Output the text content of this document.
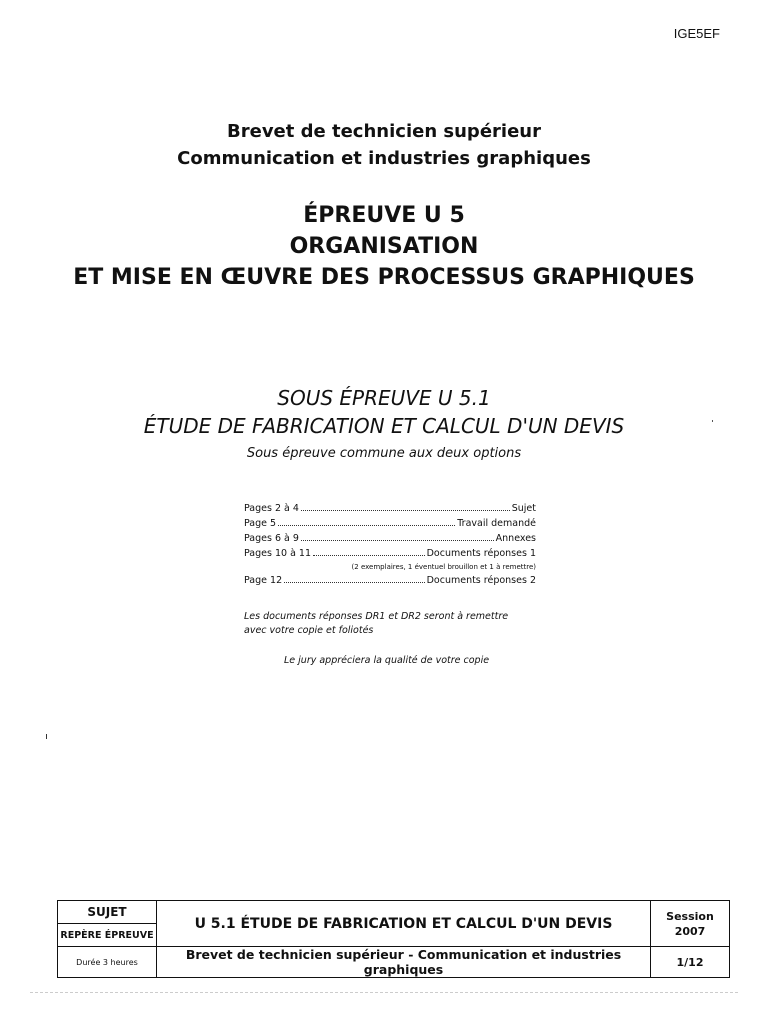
IGE5EF
Brevet de technicien supérieur
Communication et industries graphiques
ÉPREUVE U 5
ORGANISATION
ET MISE EN ŒUVRE DES PROCESSUS GRAPHIQUES
SOUS ÉPREUVE U 5.1
ÉTUDE DE FABRICATION ET CALCUL D'UN DEVIS
Sous épreuve commune aux deux options
Pages 2 à 4	Sujet
Page 5	Travail demandé
Pages 6 à 9	Annexes
Pages 10 à 11	Documents réponses 1
(2 exemplaires, 1 éventuel brouillon et 1 à remettre)
Page 12	Documents réponses 2
Les documents réponses DR1 et DR2 seront à remettre
avec votre copie et foliotés
Le jury appréciera la qualité de votre copie
SUJET	U 5.1 ÉTUDE DE FABRICATION ET CALCUL D'UN DEVIS	Session
2007

REPÈRE ÉPREUVE		
Durée 3 heures	Brevet de technicien supérieur - Communication et industries graphiques	1/12
